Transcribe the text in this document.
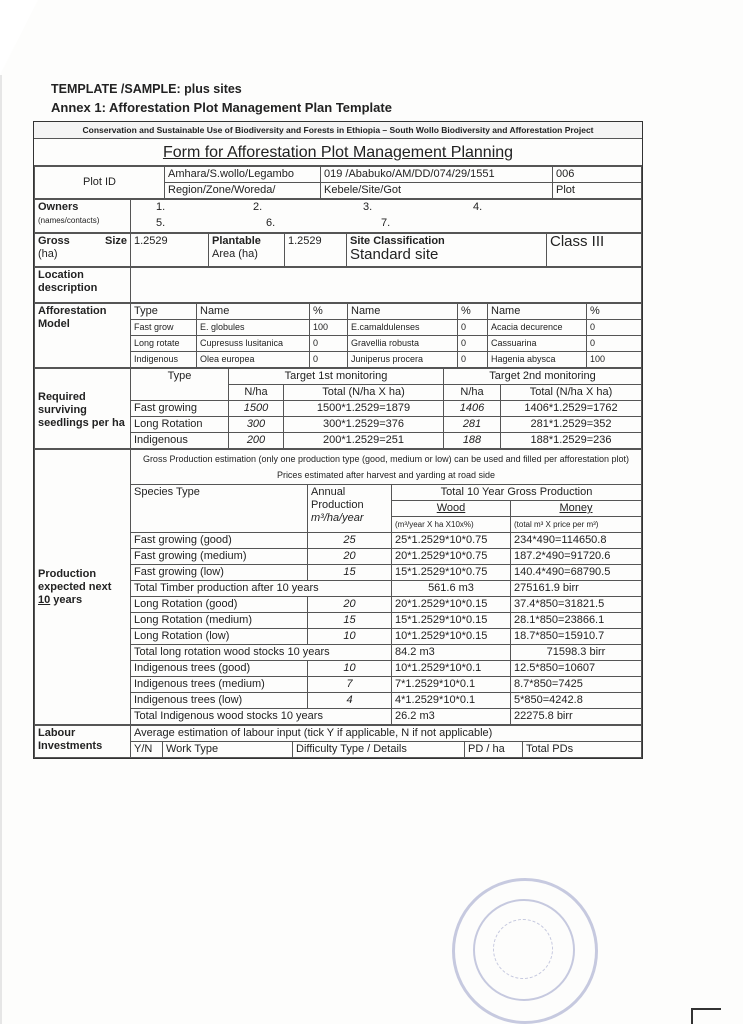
TEMPLATE /SAMPLE: plus sites
Annex 1: Afforestation Plot Management Plan Template
Conservation and Sustainable Use of Biodiversity and Forests in Ethiopia – South Wollo Biodiversity and Afforestation Project
Form for Afforestation Plot Management Planning
Plot ID	Amhara/S.wollo/Legambo	019 /Ababuko/AM/DD/074/29/1551	006
	Region/Zone/Woreda/	Kebele/Site/Got	Plot
Owners
(names/contacts)

1.	2.	3.	4.
5.	6.	7.
Gross	Size
(ha)
	1.2529	Plantable
Area (ha)
	1.2529	Site Classification
Standard site
	Class III
Location
description

Afforestation
Model	Type	Name	%	Name	%	Name	%
	Fast grow	E. globules	100	E.camaldulenses	0	Acacia decurence	0
	Long rotate	Cupresuss lusitanica	0	Gravellia robusta	0	Cassuarina	0
	Indigenous	Olea europea	0	Juniperus procera	0	Hagenia abysca	100
Required surviving seedlings per ha	Type	Target 1st monitoring		Target 2nd monitoring	
		N/ha	Total (N/ha X ha)	N/ha	Total (N/ha X ha)
	Fast growing	1500	1500*1.2529=1879	1406	1406*1.2529=1762
	Long Rotation	300	300*1.2529=376	281	281*1.2529=352
	Indigenous	200	200*1.2529=251	188	188*1.2529=236
Production
expected next
10 years	Gross Production estimation (only one production type (good, medium or low) can be used and filled per afforestation plot) Prices estimated after harvest and yarding at road side			
	Species Type	Annual
Production
m³/ha/year	Total 10 Year Gross Production	
			Wood	Money
			(m³/year X ha X10x%)	(total m³ X price per m³)
	Fast growing (good)	25	25*1.2529*10*0.75	234*490=114650.8
	Fast growing (medium)	20	20*1.2529*10*0.75	187.2*490=91720.6
	Fast growing (low)	15	15*1.2529*10*0.75	140.4*490=68790.5
	Total Timber production after 10 years		561.6 m3	275161.9 birr
	Long Rotation (good)	20	20*1.2529*10*0.15	37.4*850=31821.5
	Long Rotation (medium)	15	15*1.2529*10*0.15	28.1*850=23866.1
	Long Rotation (low)	10	10*1.2529*10*0.15	18.7*850=15910.7
	Total long rotation wood stocks 10 years		84.2 m3	71598.3 birr
	Indigenous trees (good)	10	10*1.2529*10*0.1	12.5*850=10607
	Indigenous trees (medium)	7	7*1.2529*10*0.1	8.7*850=7425
	Indigenous trees (low)	4	4*1.2529*10*0.1	5*850=4242.8
	Total Indigenous wood stocks 10 years		26.2 m3	22275.8 birr
Labour
Investments	Average estimation of labour input (tick Y if applicable, N if not applicable)				
	Y/N	Work Type	Difficulty Type / Details	PD / ha	Total PDs
